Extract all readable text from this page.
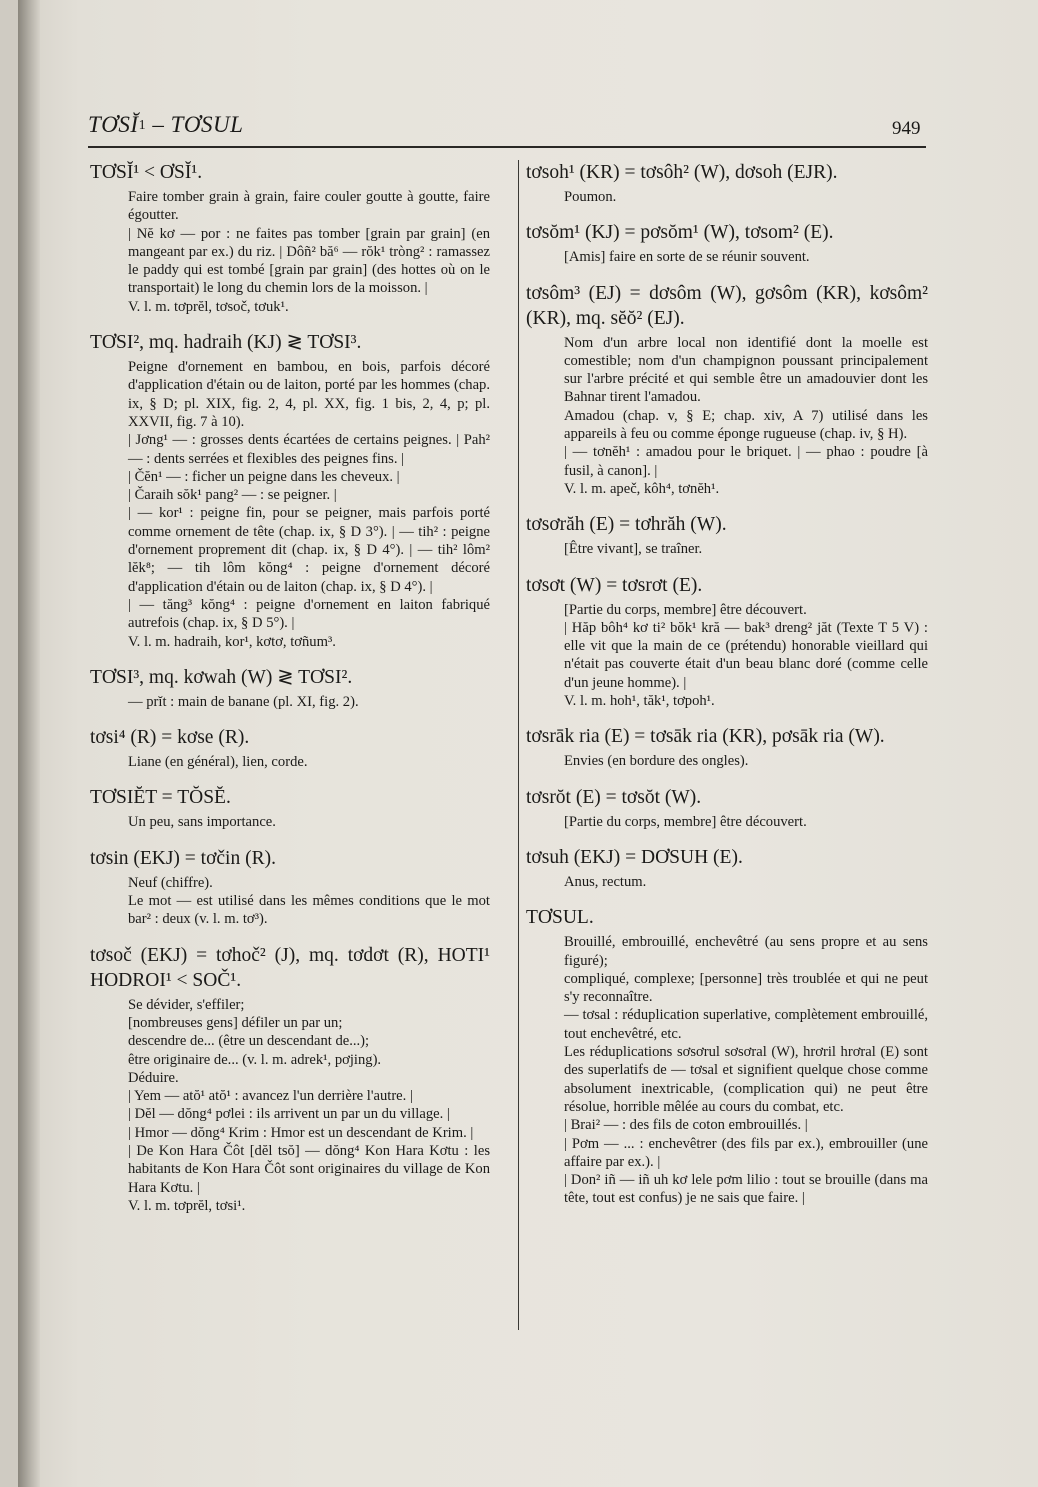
TƠSĬ$^1$ – TƠSUL	949
TƠSĬ¹ < ƠSĬ¹.
Faire tomber grain à grain, faire couler goutte à goutte, faire égoutter.
| Nĕ kơ — por : ne faites pas tomber [grain par grain] (en mangeant par ex.) du riz. | Dôñ² bă⁶ — rŏk¹ tròng² : ramassez le paddy qui est tombé [grain par grain] (des hottes où on le transportait) le long du chemin lors de la moisson. |
V. l. m. tơprĕl, tơsoč, tơuk¹.
TƠSI², mq. hadraih (KJ) ≷ TƠSI³.
Peigne d'ornement en bambou, en bois, parfois décoré d'application d'étain ou de laiton, porté par les hommes (chap. ix, § D; pl. XIX, fig. 2, 4, pl. XX, fig. 1 bis, 2, 4, p; pl. XXVII, fig. 7 à 10).
| Jơng¹ — : grosses dents écartées de certains peignes. | Pah² — : dents serrées et flexibles des peignes fins. |
| Čĕn¹ — : ficher un peigne dans les cheveux. |
| Čaraih sŏk¹ pang² — : se peigner. |
| — kor¹ : peigne fin, pour se peigner, mais parfois porté comme ornement de tête (chap. ix, § D 3°). | — tih² : peigne d'ornement proprement dit (chap. ix, § D 4°). | — tih² lôm² lĕk⁸; — tih lôm kŏng⁴ : peigne d'ornement décoré d'application d'étain ou de laiton (chap. ix, § D 4°). |
| — tăng³ kŏng⁴ : peigne d'ornement en laiton fabriqué autrefois (chap. ix, § D 5°). |
V. l. m. hadraih, kor¹, kơtơ, tơñum³.
TƠSI³, mq. kơwah (W) ≷ TƠSI².
— prĭt : main de banane (pl. XI, fig. 2).
tơsi⁴ (R) = kơse (R).
Liane (en général), lien, corde.
TƠSIĔT = TŎSĔ.
Un peu, sans importance.
tơsin (EKJ) = tơčin (R).
Neuf (chiffre).
Le mot — est utilisé dans les mêmes conditions que le mot bar² : deux (v. l. m. tơ³).
tơsoč (EKJ) = tơhoč² (J), mq. tơdơt (R), HOTI¹ HODROI¹ < SOČ¹.
Se dévider, s'effiler;
[nombreuses gens] défiler un par un;
descendre de... (être un descendant de...);
être originaire de... (v. l. m. adrek¹, pơjing).
Déduire.
| Yem — atŏ¹ atŏ¹ : avancez l'un derrière l'autre. |
| Dĕl — dŏng⁴ pơlei : ils arrivent un par un du village. |
| Hmor — dŏng⁴ Krim : Hmor est un descendant de Krim. |
| De Kon Hara Čôt [dĕl tsŏ] — dŏng⁴ Kon Hara Kơtu : les habitants de Kon Hara Čôt sont originaires du village de Kon Hara Kơtu. |
V. l. m. tơprĕl, tơsi¹.
tơsoh¹ (KR) = tơsôh² (W), dơsoh (EJR).
Poumon.
tơsŏm¹ (KJ) = pơsŏm¹ (W), tơsom² (E).
[Amis] faire en sorte de se réunir souvent.
tơsôm³ (EJ) = dơsôm (W), gơsôm (KR), kơsôm² (KR), mq. sĕŏ² (EJ).
Nom d'un arbre local non identifié dont la moelle est comestible; nom d'un champignon poussant principalement sur l'arbre précité et qui semble être un amadouvier dont les Bahnar tirent l'amadou.
Amadou (chap. v, § E; chap. xiv, A 7) utilisé dans les appareils à feu ou comme éponge rugueuse (chap. iv, § H).
| — tơnĕh¹ : amadou pour le briquet. | — phao : poudre [à fusil, à canon]. |
V. l. m. apeč, kôh⁴, tơnĕh¹.
tơsơrăh (E) = tơhrăh (W).
[Être vivant], se traîner.
tơsơt (W) = tơsrơt (E).
[Partie du corps, membre] être découvert.
| Hăp bôh⁴ kơ ti² bŏk¹ kră — bak³ dreng² jăt (Texte T 5 V) : elle vit que la main de ce (prétendu) honorable vieillard qui n'était pas couverte était d'un beau blanc doré (comme celle d'un jeune homme). |
V. l. m. hoh¹, tăk¹, tơpoh¹.
tơsrāk ria (E) = tơsāk ria (KR), pơsāk ria (W).
Envies (en bordure des ongles).
tơsrŏt (E) = tơsŏt (W).
[Partie du corps, membre] être découvert.
tơsuh (EKJ) = DƠSUH (E).
Anus, rectum.
TƠSUL.
Brouillé, embrouillé, enchevêtré (au sens propre et au sens figuré);
compliqué, complexe; [personne] très troublée et qui ne peut s'y reconnaître.
— tơsal : réduplication superlative, complètement embrouillé, tout enchevêtré, etc.
Les réduplications sơsơrul sơsơral (W), hrơril hrơral (E) sont des superlatifs de — tơsal et signifient quelque chose comme absolument inextricable, (complication qui) ne peut être résolue, horrible mêlée au cours du combat, etc.
| Brai² — : des fils de coton embrouillés. |
| Pơm — ... : enchevêtrer (des fils par ex.), embrouiller (une affaire par ex.). |
| Don² iñ — iñ uh kơ lele pơm lilio : tout se brouille (dans ma tête, tout est confus) je ne sais que faire. |
